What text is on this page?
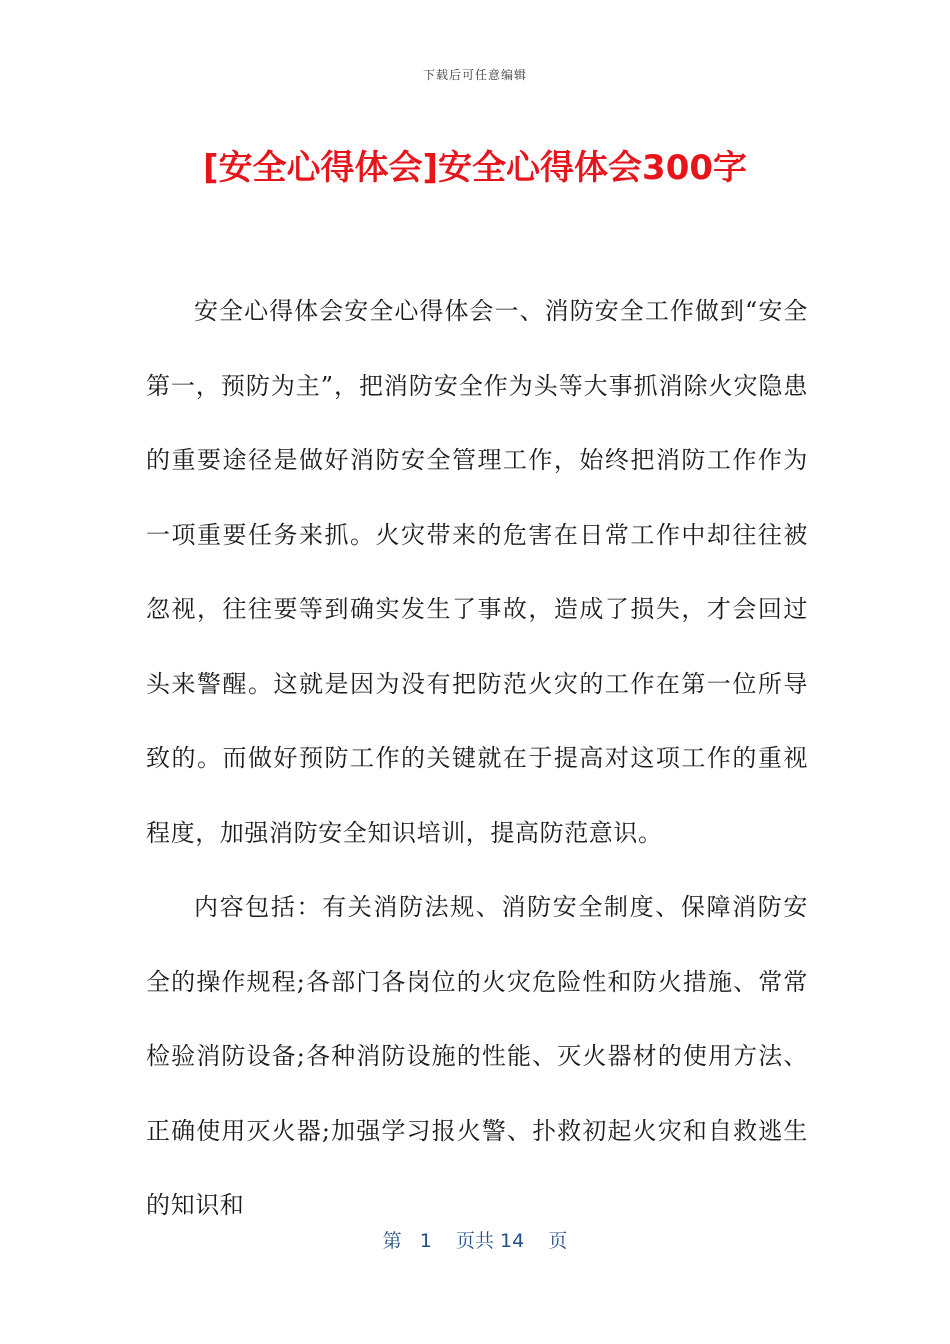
下载后可任意编辑
[安全心得体会]安全心得体会300字

安全心得体会安全心得体会一、消防安全工作做到“安全第一，预防为主”，把消防安全作为头等大事抓消除火灾隐患的重要途径是做好消防安全管理工作，始终把消防工作作为一项重要任务来抓。火灾带来的危害在日常工作中却往往被忽视，往往要等到确实发生了事故，造成了损失，才会回过头来警醒。这就是因为没有把防范火灾的工作在第一位所导致的。而做好预防工作的关键就在于提高对这项工作的重视程度，加强消防安全知识培训，提高防范意识。

内容包括：有关消防法规、消防安全制度、保障消防安全的操作规程;各部门各岗位的火灾危险性和防火措施、常常检验消防设备;各种消防设施的性能、灭火器材的使用方法、正确使用灭火器;加强学习报火警、扑救初起火灾和自救逃生的知识和

第 1 页共 14 页
